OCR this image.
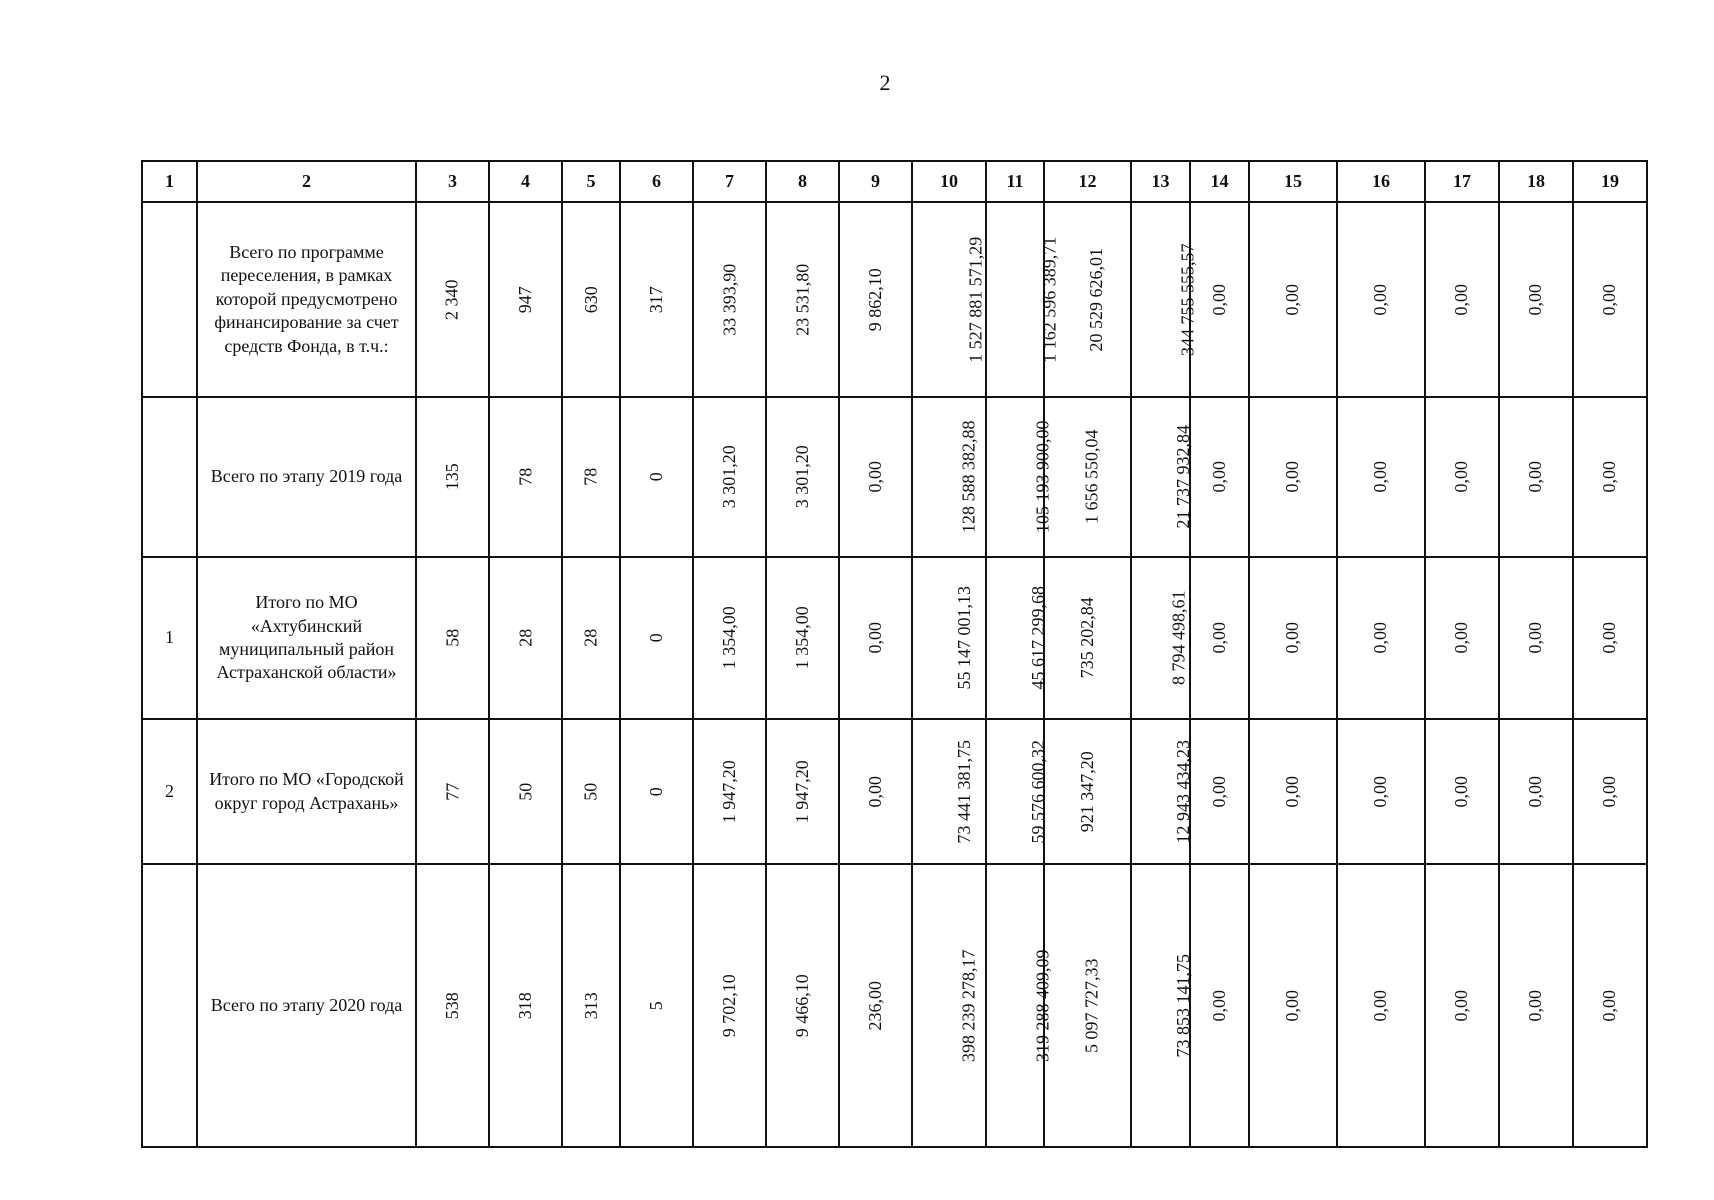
2
1	2	3	4	5	6	7	8	9	10	11	12	13	14	15	16	17	18	19
	Всего по программе переселения, в рамках которой предусмотрено финансирование за счет средств Фонда, в т.ч.:	2 340	947	630	317	33 393,90	23 531,80	9 862,10	1 527 881 571,29	1 162 596 389,71	20 529 626,01	344 755 555,57	0,00	0,00	0,00	0,00	0,00	0,00
	Всего по этапу 2019 года	135	78	78	0	3 301,20	3 301,20	0,00	128 588 382,88	105 193 900,00	1 656 550,04	21 737 932,84	0,00	0,00	0,00	0,00	0,00	0,00
1	Итого по МО «Ахтубинский муниципальный район Астраханской области»	58	28	28	0	1 354,00	1 354,00	0,00	55 147 001,13	45 617 299,68	735 202,84	8 794 498,61	0,00	0,00	0,00	0,00	0,00	0,00
2	Итого по МО «Городской округ город Астрахань»	77	50	50	0	1 947,20	1 947,20	0,00	73 441 381,75	59 576 600,32	921 347,20	12 943 434,23	0,00	0,00	0,00	0,00	0,00	0,00
	Всего по этапу 2020 года	538	318	313	5	9 702,10	9 466,10	236,00	398 239 278,17	319 288 409,09	5 097 727,33	73 853 141,75	0,00	0,00	0,00	0,00	0,00	0,00
